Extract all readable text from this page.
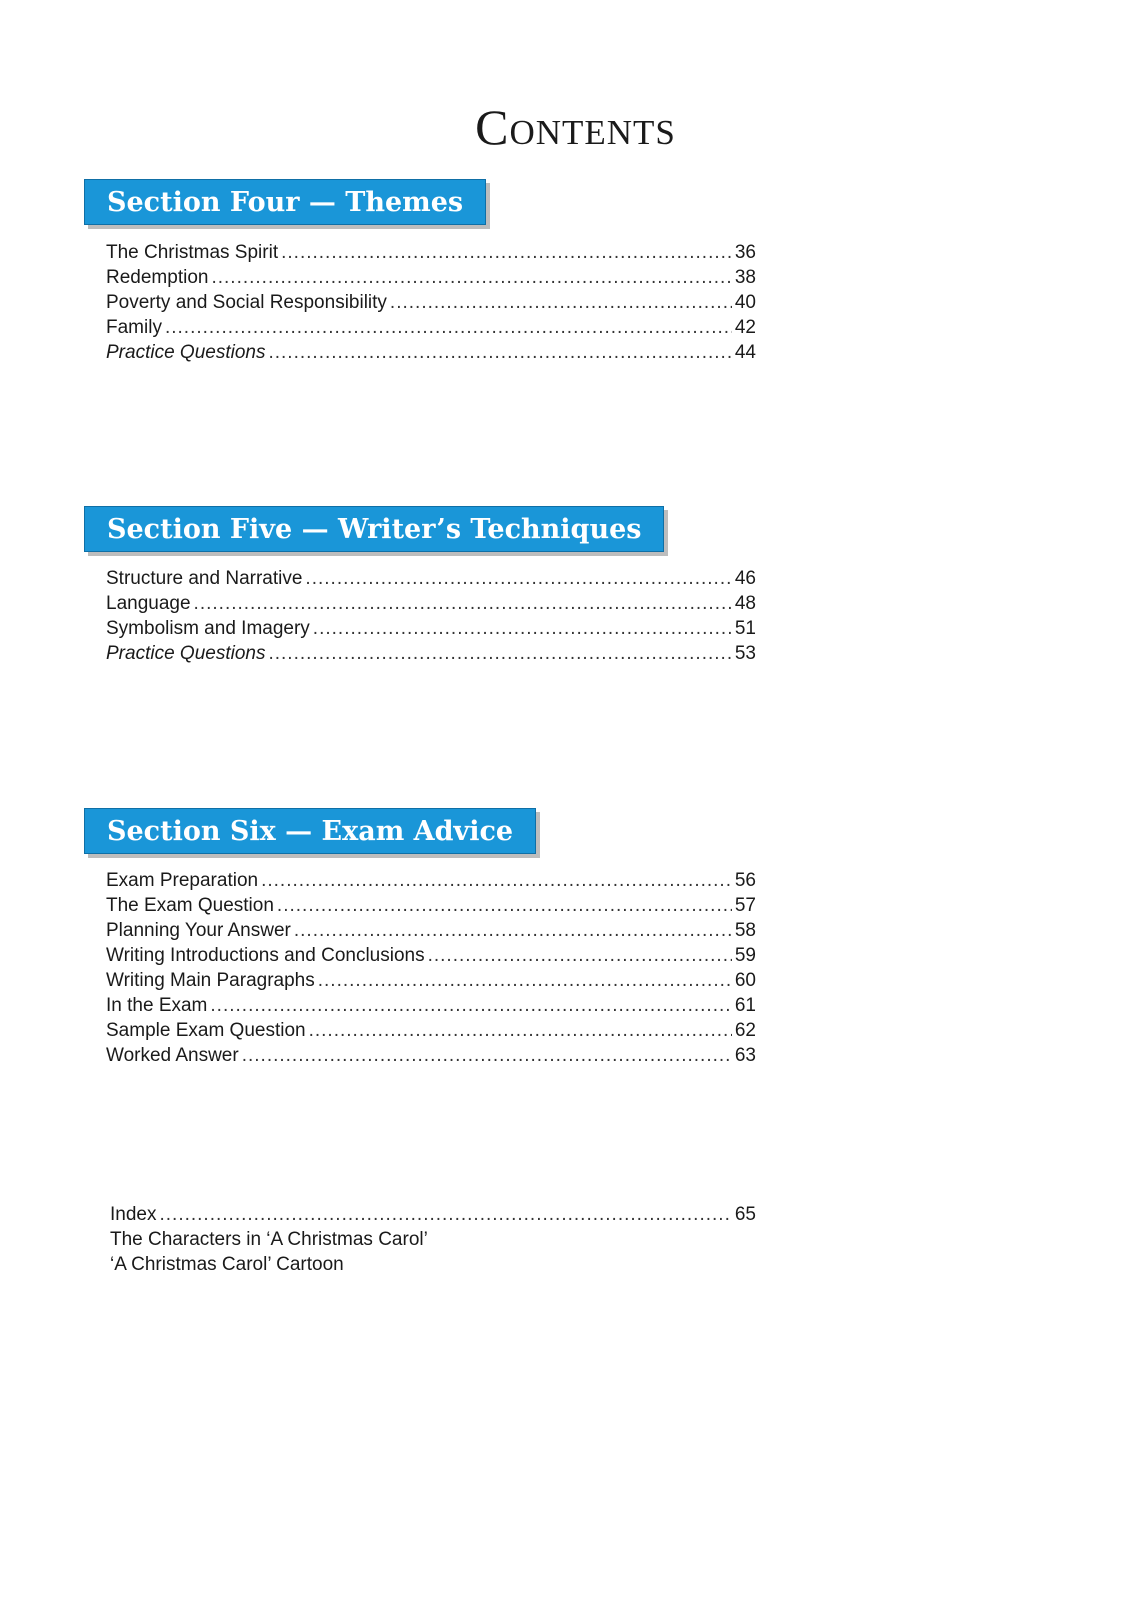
Contents
Section Four — Themes
The Christmas Spirit .....	36
Redemption .....	38
Poverty and Social Responsibility .....	40
Family .....	42
Practice Questions .....	44
Section Five — Writer’s Techniques
Structure and Narrative .....	46
Language .....	48
Symbolism and Imagery .....	51
Practice Questions .....	53
Section Six — Exam Advice
Exam Preparation .....	56
The Exam Question .....	57
Planning Your Answer .....	58
Writing Introductions and Conclusions .....	59
Writing Main Paragraphs .....	60
In the Exam .....	61
Sample Exam Question .....	62
Worked Answer .....	63
Index .....	65
The Characters in ‘A Christmas Carol’
‘A Christmas Carol’ Cartoon
